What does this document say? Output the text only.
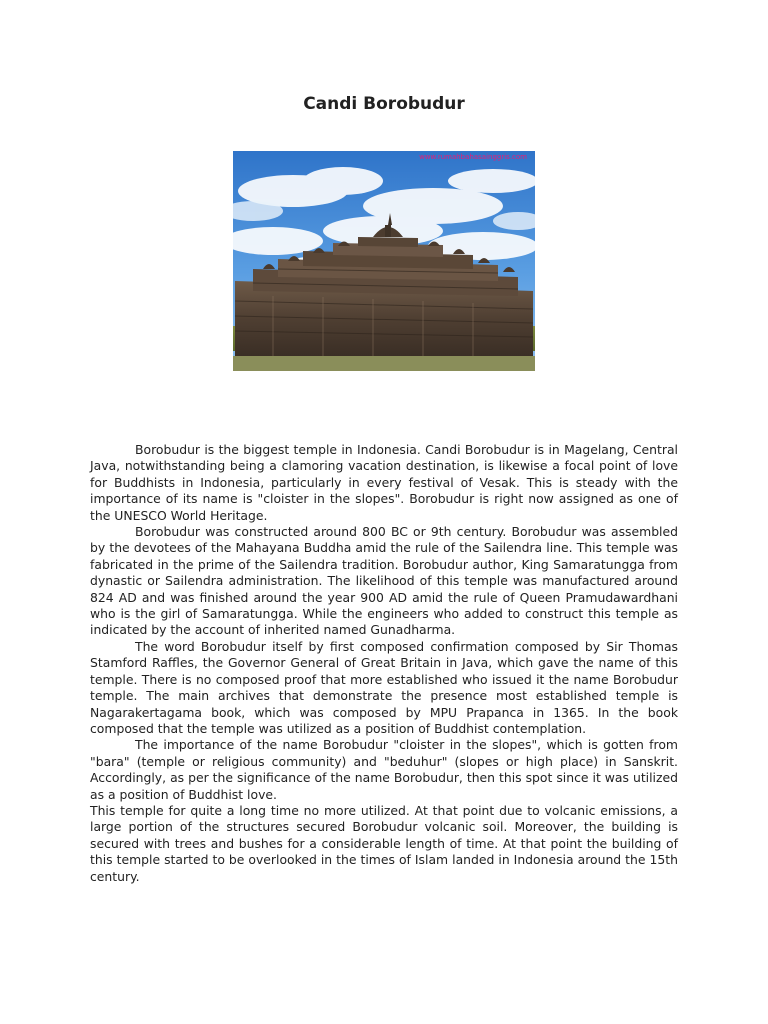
Candi Borobudur
www.rumahbahasainggris.com

Borobudur is the biggest temple in Indonesia. Candi Borobudur is in Magelang, Central Java, notwithstanding being a clamoring vacation destination, is likewise a focal point of love for Buddhists in Indonesia, particularly in every festival of Vesak. This is steady with the importance of its name is "cloister in the slopes". Borobudur is right now assigned as one of the UNESCO World Heritage.

Borobudur was constructed around 800 BC or 9th century. Borobudur was assembled by the devotees of the Mahayana Buddha amid the rule of the Sailendra line. This temple was fabricated in the prime of the Sailendra tradition. Borobudur author, King Samaratungga from dynastic or Sailendra administration. The likelihood of this temple was manufactured around 824 AD and was finished around the year 900 AD amid the rule of Queen Pramudawardhani who is the girl of Samaratungga. While the engineers who added to construct this temple as indicated by the account of inherited named Gunadharma.

The word Borobudur itself by first composed confirmation composed by Sir Thomas Stamford Raffles, the Governor General of Great Britain in Java, which gave the name of this temple. There is no composed proof that more established who issued it the name Borobudur temple. The main archives that demonstrate the presence most established temple is Nagarakertagama book, which was composed by MPU Prapanca in 1365. In the book composed that the temple was utilized as a position of Buddhist contemplation.

The importance of the name Borobudur "cloister in the slopes", which is gotten from "bara" (temple or religious community) and "beduhur" (slopes or high place) in Sanskrit. Accordingly, as per the significance of the name Borobudur, then this spot since it was utilized as a position of Buddhist love.

This temple for quite a long time no more utilized. At that point due to volcanic emissions, a large portion of the structures secured Borobudur volcanic soil. Moreover, the building is secured with trees and bushes for a considerable length of time. At that point the building of this temple started to be overlooked in the times of Islam landed in Indonesia around the 15th century.
